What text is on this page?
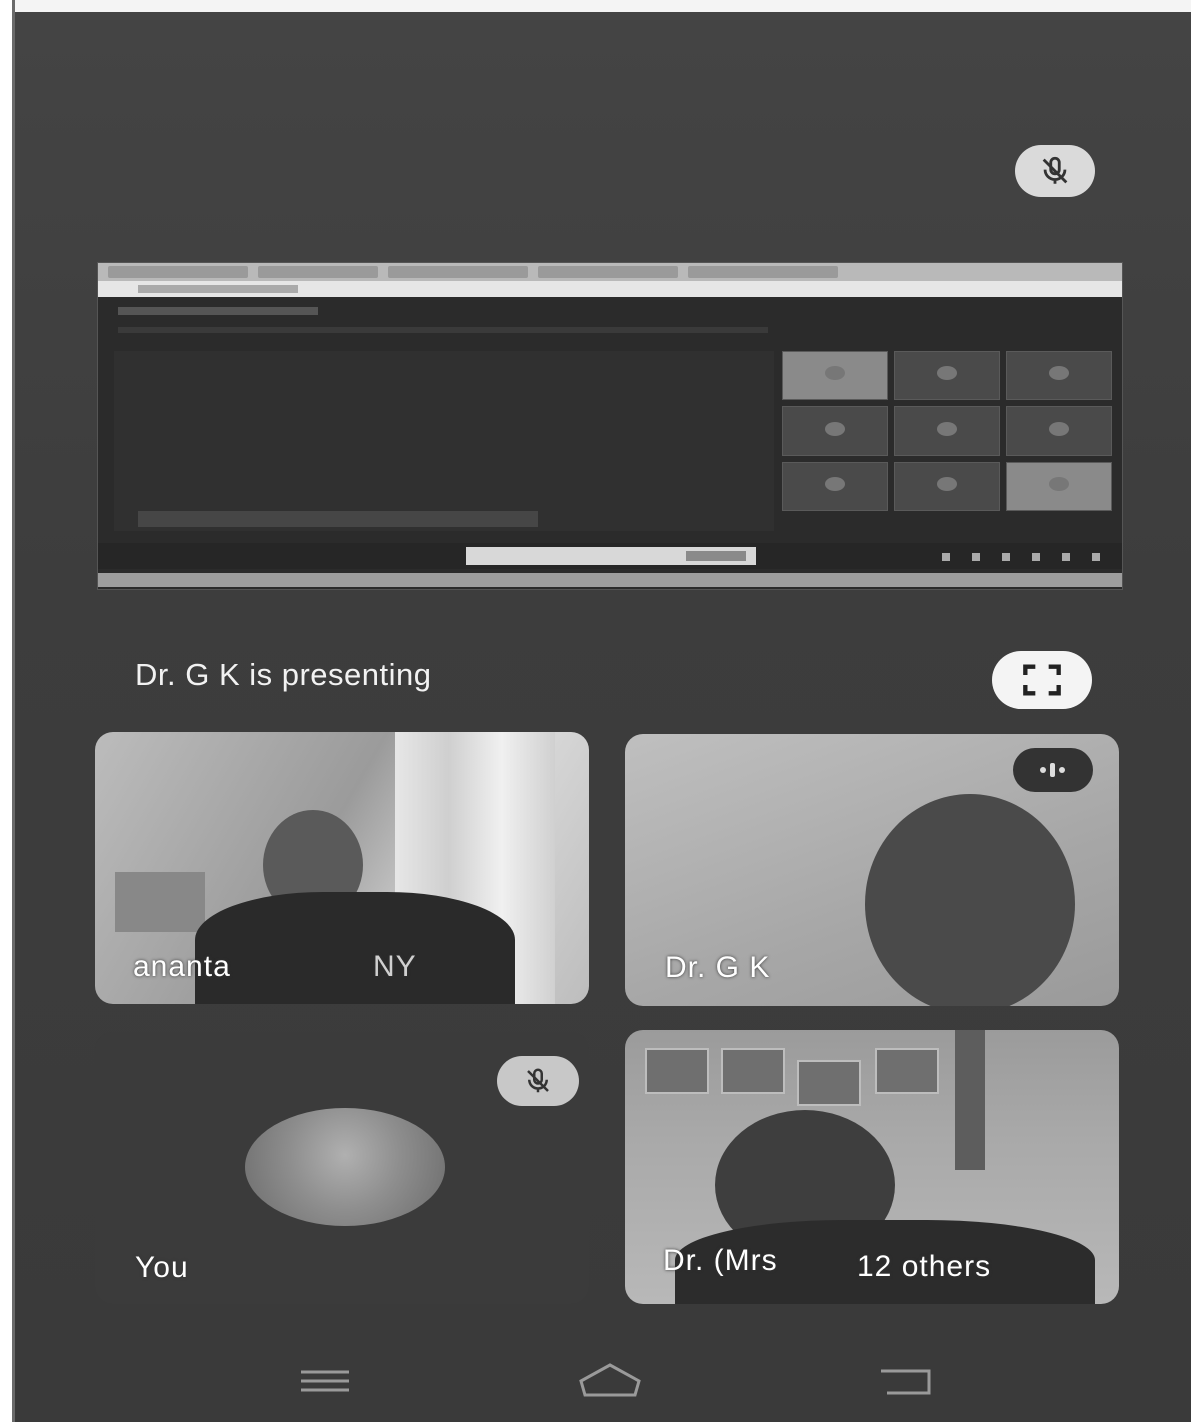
Dr. G K is presenting
NY
ananta	Dr. G K
You	Dr. (Mrs	12 others
